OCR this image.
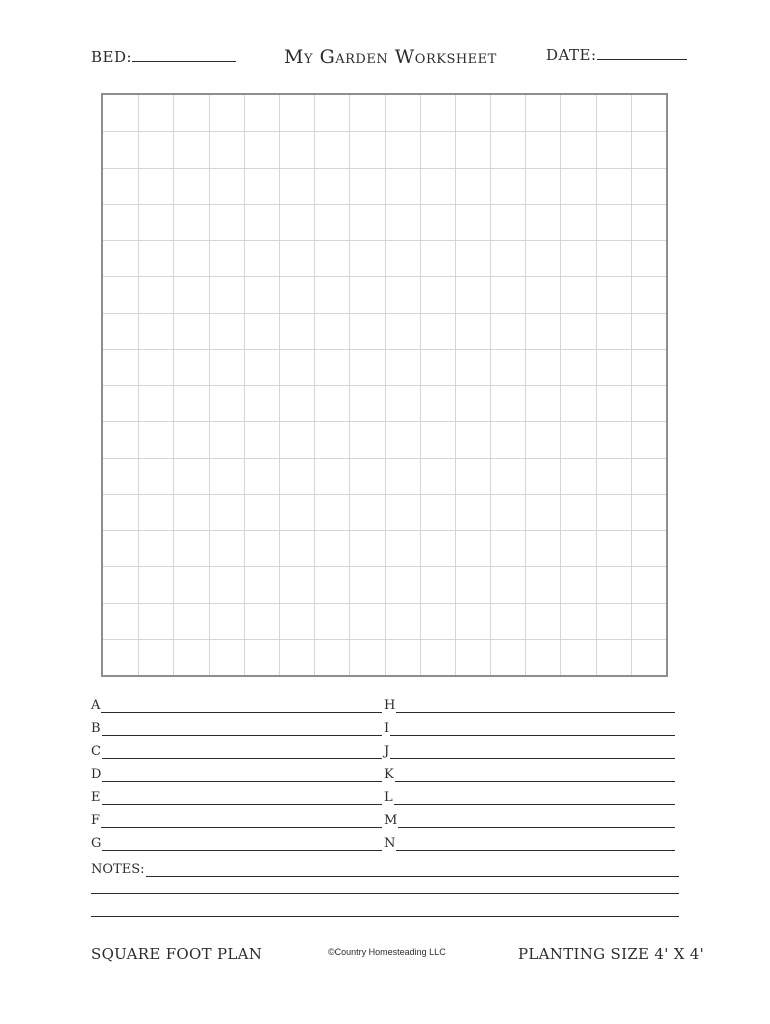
BED:	My Garden Worksheet	DATE:
A
B
C
D
E
F
G
H
I
J
K
L
M
N
NOTES:
SQUARE FOOT PLAN	©Country Homesteading LLC	PLANTING SIZE 4' X 4'
